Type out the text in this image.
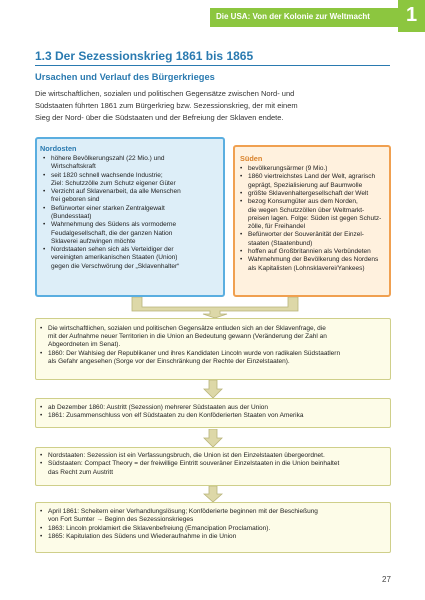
Die USA: Von der Kolonie zur Weltmacht	1
1.3 Der Sezessionskrieg 1861 bis 1865
Ursachen und Verlauf des Bürgerkrieges
Die wirtschaftlichen, sozialen und politischen Gegensätze zwischen Nord- und
Südstaaten führten 1861 zum Bürgerkrieg bzw. Sezessionskrieg, der mit einem
Sieg der Nord- über die Südstaaten und der Befreiung der Sklaven endete.
Nordosten
Süden
• höhere Bevölkerungszahl (22 Mio.) und
Wirtschaftskraft
• seit 1820 schnell wachsende Industrie;
Ziel: Schutzzölle zum Schutz eigener Güter
• Verzicht auf Sklavenarbeit, da alle Menschen
frei geboren sind
• Befürworter einer starken Zentralgewalt
(Bundesstaat)
• Wahrnehmung des Südens als vormoderne
Feudalgesellschaft, die der ganzen Nation
Sklaverei aufzwingen möchte
• Nordstaaten sehen sich als Verteidiger der
vereinigten amerikanischen Staaten (Union)
gegen die Verschwörung der „Sklavenhalter“
• bevölkerungsärmer (9 Mio.)
• 1860 viertreichstes Land der Welt, agrarisch
geprägt, Spezialisierung auf Baumwolle
• größte Sklavenhaltergesellschaft der Welt
• bezog Konsumgüter aus dem Norden,
die wegen Schutzzöllen über Weltmarkt-
preisen lagen. Folge: Süden ist gegen Schutz-
zölle, für Freihandel
• Befürworter der Souveränität der Einzel-
staaten (Staatenbund)
• hoffen auf Großbritannien als Verbündeten
• Wahrnehmung der Bevölkerung des Nordens
als Kapitalisten (Lohnsklaverei/Yankees)
• Die wirtschaftlichen, sozialen und politischen Gegensätze entluden sich an der Sklavenfrage, die
mit der Aufnahme neuer Territorien in die Union an Bedeutung gewann (Veränderung der Zahl an
Abgeordneten im Senat).
• 1860: Der Wahlsieg der Republikaner und ihres Kandidaten Lincoln wurde von radikalen Südstaatlern
als Gefahr angesehen (Sorge vor der Einschränkung der Rechte der Einzelstaaten).
• ab Dezember 1860: Austritt (Sezession) mehrerer Südstaaten aus der Union
• 1861: Zusammenschluss von elf Südstaaten zu den Konföderierten Staaten von Amerika
• Nordstaaten: Sezession ist ein Verfassungsbruch, die Union ist den Einzelstaaten übergeordnet.
• Südstaaten: Compact Theory = der freiwillige Eintritt souveräner Einzelstaaten in die Union beinhaltet
das Recht zum Austritt
• April 1861: Scheitern einer Verhandlungslösung; Konföderierte beginnen mit der Beschießung
von Fort Sumter → Beginn des Sezessionskrieges
• 1863: Lincoln proklamiert die Sklavenbefreiung (Emancipation Proclamation).
• 1865: Kapitulation des Südens und Wiederaufnahme in die Union
27
